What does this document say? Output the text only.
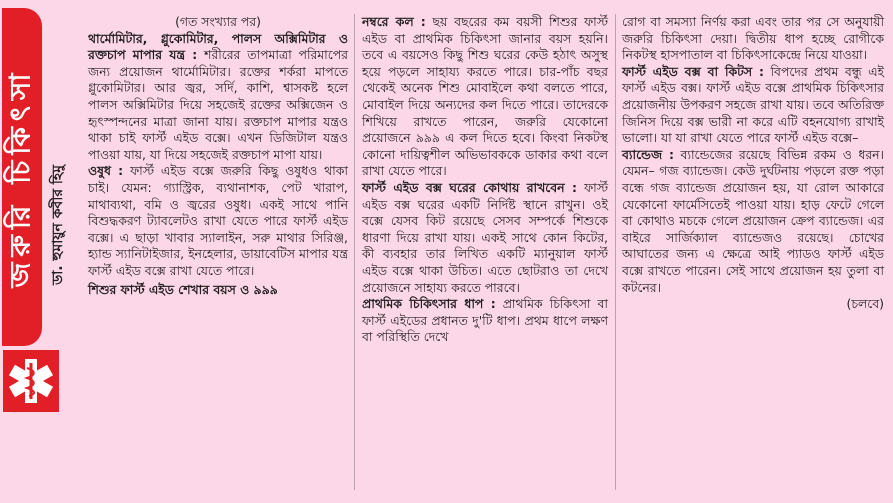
জরুরি চিকিৎসা ডা. হুমায়ুন কবীর হিমু

(গত সংখ্যার পর)

থার্মোমিটার, গ্লুকোমিটার, পালস অক্সিমিটার ও রক্তচাপ মাপার যন্ত্র : শরীরের তাপমাত্রা পরিমাপের জন্য প্রয়োজন থার্মোমিটার। রক্তের শর্করা মাপতে গ্লুকোমিটার। আর জ্বর, সর্দি, কাশি, শ্বাসকষ্ট হলে পালস অক্সিমিটার দিয়ে সহজেই রক্তের অক্সিজেন ও হৃৎস্পন্দনের মাত্রা জানা যায়। রক্তচাপ মাপার যন্ত্রও থাকা চাই ফার্স্ট এইড বক্সে। এখন ডিজিটাল যন্ত্রও পাওয়া যায়, যা দিয়ে সহজেই রক্তচাপ মাপা যায়।

ওষুধ : ফার্স্ট এইড বক্সে জরুরি কিছু ওষুধও থাকা চাই। যেমন: গ্যাস্ট্রিক, ব্যথানাশক, পেট খারাপ, মাথাব্যথা, বমি ও জ্বরের ওষুধ। একই সাথে পানি বিশুদ্ধকরণ ট্যাবলেটও রাখা যেতে পারে ফার্স্ট এইড বক্সে। এ ছাড়া খাবার স্যালাইন, সরু মাথার সিরিঞ্জ, হ্যান্ড স্যানিটাইজার, ইনহেলার, ডায়াবেটিস মাপার যন্ত্র ফার্স্ট এইড বক্সে রাখা যেতে পারে।

শিশুর ফার্স্ট এইড শেখার বয়স ও ৯৯৯

নম্বরে কল : ছয় বছরের কম বয়সী শিশুর ফার্স্ট এইড বা প্রাথমিক চিকিৎসা জানার বয়স হয়নি। তবে এ বয়সেও কিছু শিশু ঘরের কেউ হঠাৎ অসুস্থ হয়ে পড়লে সাহায্য করতে পারে। চার-পাঁচ বছর থেকেই অনেক শিশু মোবাইলে কথা বলতে পারে, মোবাইল দিয়ে অন্যদের কল দিতে পারে। তাদেরকে শিখিয়ে রাখতে পারেন, জরুরি যেকোনো প্রয়োজনে ৯৯৯ এ কল দিতে হবে। কিংবা নিকটস্থ কোনো দায়িত্বশীল অভিভাবককে ডাকার কথা বলে রাখা যেতে পারে।

ফার্স্ট এইড বক্স ঘরের কোথায় রাখবেন : ফার্স্ট এইড বক্স ঘরের একটি নির্দিষ্ট স্থানে রাখুন। ওই বক্সে যেসব কিট রয়েছে সেসব সম্পর্কে শিশুকে ধারণা দিয়ে রাখা যায়। একই সাথে কোন কিটের, কী ব্যবহার তার লিখিত একটি ম্যানুয়াল ফার্স্ট এইড বক্সে থাকা উচিত। এতে ছোটরাও তা দেখে প্রয়োজনে সাহায্য করতে পারবে।

প্রাথমিক চিকিৎসার ধাপ : প্রাথমিক চিকিৎসা বা ফার্স্ট এইডের প্রধানত দু'টি ধাপ। প্রথম ধাপে লক্ষণ বা পরিস্থিতি দেখে

রোগ বা সমস্যা নির্ণয় করা এবং তার পর সে অনুযায়ী জরুরি চিকিৎসা দেয়া। দ্বিতীয় ধাপ হচ্ছে রোগীকে নিকটস্থ হাসপাতাল বা চিকিৎসাকেন্দ্রে নিয়ে যাওয়া।

ফার্স্ট এইড বক্স বা কিটস : বিপদের প্রথম বন্ধু এই ফার্স্ট এইড বক্স। ফার্স্ট এইড বক্সে প্রাথমিক চিকিৎসার প্রয়োজনীয় উপকরণ সহজে রাখা যায়। তবে অতিরিক্ত জিনিস দিয়ে বক্স ভারী না করে এটি বহনযোগ্য রাখাই ভালো। যা যা রাখা যেতে পারে ফার্স্ট এইড বক্সে–

ব্যান্ডেজ : ব্যান্ডেজের রয়েছে বিভিন্ন রকম ও ধরন। যেমন– গজ ব্যান্ডেজ। কেউ দুর্ঘটনায় পড়লে রক্ত পড়া বন্ধে গজ ব্যান্ডেজ প্রয়োজন হয়, যা রোল আকারে যেকোনো ফার্মেসিতেই পাওয়া যায়। হাড় ফেটে গেলে বা কোথাও মচকে গেলে প্রয়োজন ক্রেপ ব্যান্ডেজ। এর বাইরে সার্জিক্যাল ব্যান্ডেজও রয়েছে। চোখের আঘাতের জন্য এ ক্ষেত্রে আই প্যাডও ফার্স্ট এইড বক্সে রাখতে পারেন। সেই সাথে প্রয়োজন হয় তুলা বা কটনের।

(চলবে)
